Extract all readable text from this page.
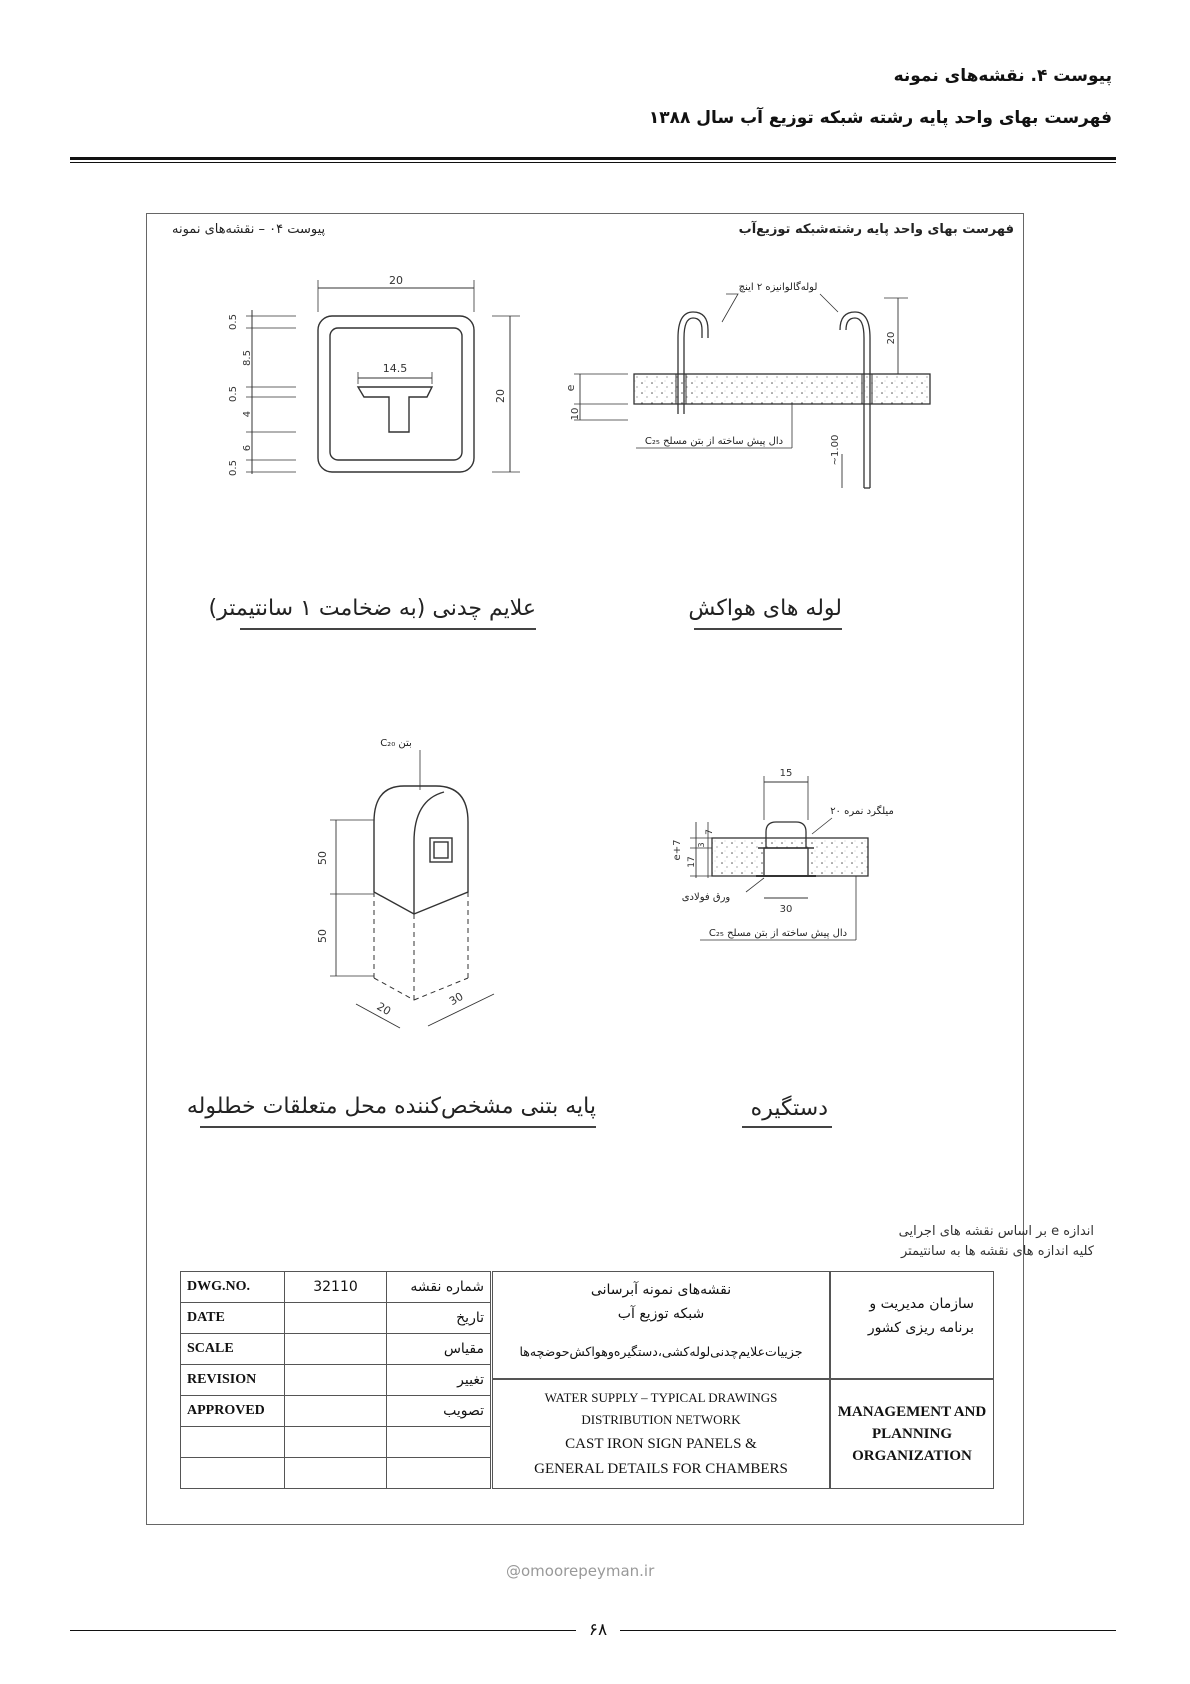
پیوست ۴. نقشه‌های نمونه
فهرست بهای واحد پایه رشته شبکه توزیع آب سال ۱۳۸۸
پیوست ۰۴ – نقشه‌های نمونه	فهرست بهای واحد پایه رشته‌شبکه توزیع‌آب
20
14.5
20
0.5
8.5
0.5
4
6
0.5
لوله‌گالوانیزه ۲ اینچ
دال پیش ساخته از بتن مسلح C₂₅
e
10
20
~1.00
بتن C₂₀
50
50
20
30
15
30
میلگرد نمره ۲۰
ورق فولادی
دال پیش ساخته از بتن مسلح C₂₅
e+7
17
7
3
علایم چدنی (به ضخامت ۱ سانتیمتر)	لوله های هواکش
پایه بتنی مشخص‌کننده محل متعلقات خطلوله	دستگیره
اندازه e بر اساس نقشه های اجرایی
کلیه اندازه های نقشه ها به سانتیمتر
DWG.NO.	32110	شماره نقشه
DATE		تاریخ
SCALE		مقیاس
REVISION		تغییر
APPROVED		تصویب

نقشه‌های نمونه آبرسانی
شبکه توزیع آب
جزییات‌علایم‌چدنی‌لوله‌کشی،دستگیره‌وهواکش‌حوضچه‌ها
WATER SUPPLY – TYPICAL DRAWINGS
DISTRIBUTION NETWORK
CAST IRON SIGN PANELS &
GENERAL DETAILS FOR CHAMBERS
سازمان مدیریت و
برنامه ریزی کشور
MANAGEMENT AND
PLANNING
ORGANIZATION
@omoorepeyman.ir
۶۸
